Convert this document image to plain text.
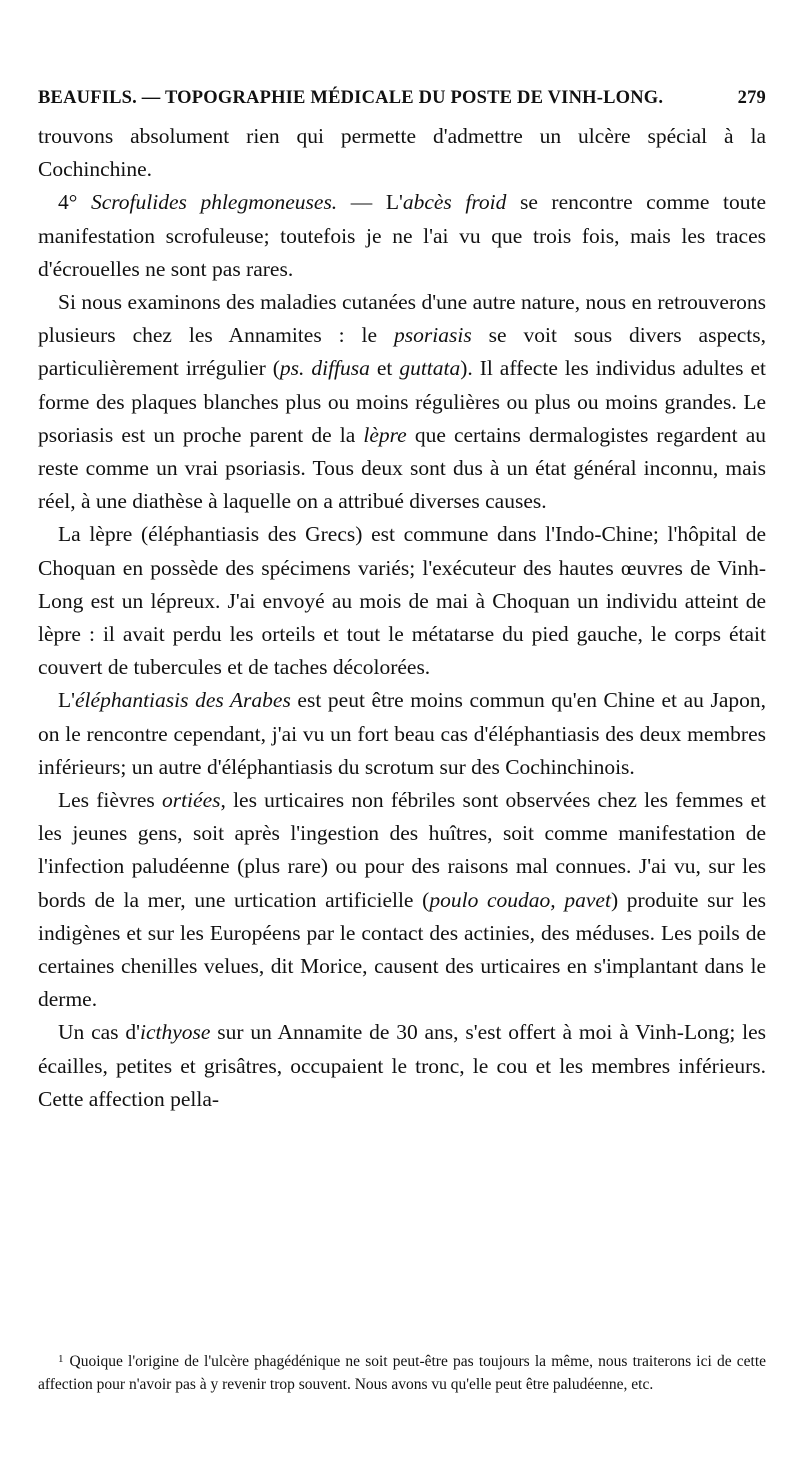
BEAUFILS. — TOPOGRAPHIE MÉDICALE DU POSTE DE VINH-LONG.	279

trouvons absolument rien qui permette d'admettre un ulcère spécial à la Cochinchine.

4° Scrofulides phlegmoneuses. — L'abcès froid se rencontre comme toute manifestation scrofuleuse; toutefois je ne l'ai vu que trois fois, mais les traces d'écrouelles ne sont pas rares.

Si nous examinons des maladies cutanées d'une autre nature, nous en retrouverons plusieurs chez les Annamites : le psoriasis se voit sous divers aspects, particulièrement irrégulier (ps. diffusa et guttata). Il affecte les individus adultes et forme des plaques blanches plus ou moins régulières ou plus ou moins grandes. Le psoriasis est un proche parent de la lèpre que certains dermalogistes regardent au reste comme un vrai psoriasis. Tous deux sont dus à un état général inconnu, mais réel, à une diathèse à laquelle on a attribué diverses causes.

La lèpre (éléphantiasis des Grecs) est commune dans l'Indo-Chine; l'hôpital de Choquan en possède des spécimens variés; l'exécuteur des hautes œuvres de Vinh-Long est un lépreux. J'ai envoyé au mois de mai à Choquan un individu atteint de lèpre : il avait perdu les orteils et tout le métatarse du pied gauche, le corps était couvert de tubercules et de taches décolorées.

L'éléphantiasis des Arabes est peut être moins commun qu'en Chine et au Japon, on le rencontre cependant, j'ai vu un fort beau cas d'éléphantiasis des deux membres inférieurs; un autre d'éléphantiasis du scrotum sur des Cochinchinois.

Les fièvres ortiées, les urticaires non fébriles sont observées chez les femmes et les jeunes gens, soit après l'ingestion des huîtres, soit comme manifestation de l'infection paludéenne (plus rare) ou pour des raisons mal connues. J'ai vu, sur les bords de la mer, une urtication artificielle (poulo coudao, pavet) produite sur les indigènes et sur les Européens par le contact des actinies, des méduses. Les poils de certaines chenilles velues, dit Morice, causent des urticaires en s'implantant dans le derme.

Un cas d'icthyose sur un Annamite de 30 ans, s'est offert à moi à Vinh-Long; les écailles, petites et grisâtres, occupaient le tronc, le cou et les membres inférieurs. Cette affection pella-

$^1$ Quoique l'origine de l'ulcère phagédénique ne soit peut-être pas toujours la même, nous traiterons ici de cette affection pour n'avoir pas à y revenir trop souvent. Nous avons vu qu'elle peut être paludéenne, etc.
